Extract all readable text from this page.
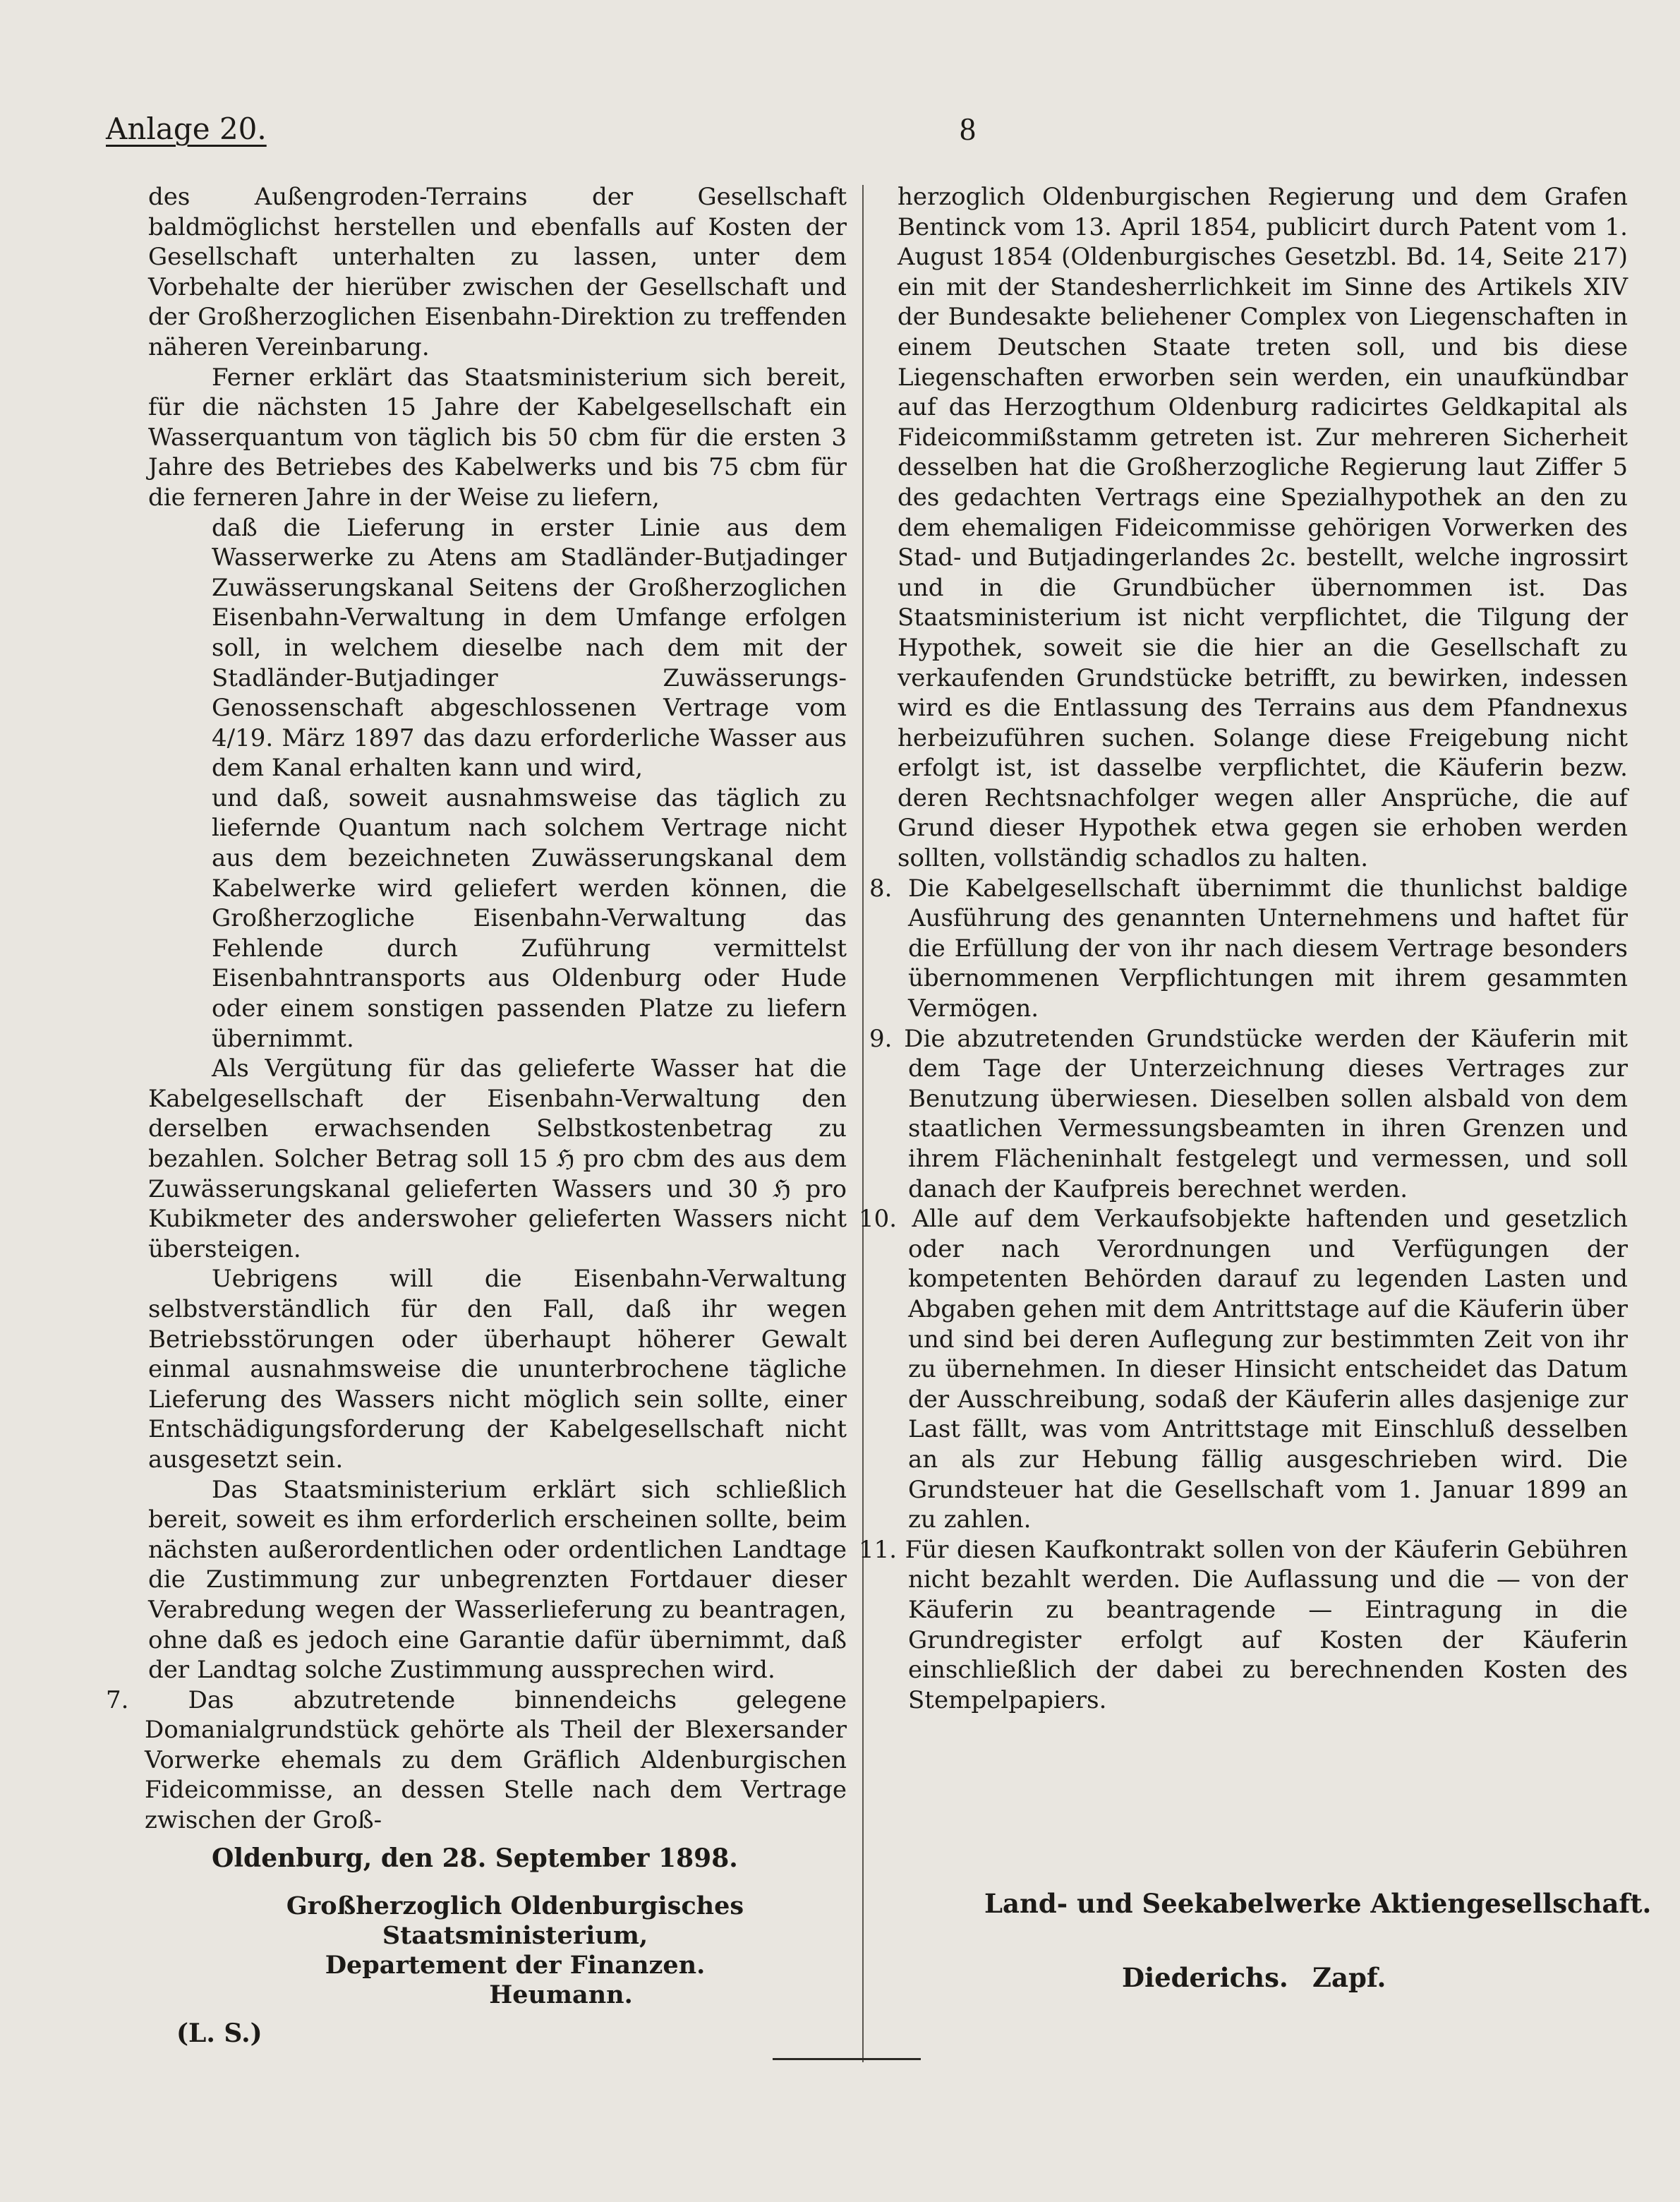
Anlage 20.	8

des Außengroden-Terrains der Gesellschaft baldmöglichst herstellen und ebenfalls auf Kosten der Gesellschaft unterhalten zu lassen, unter dem Vorbehalte der hierüber zwischen der Gesellschaft und der Großherzoglichen Eisenbahn-Direktion zu treffenden näheren Vereinbarung.

Ferner erklärt das Staatsministerium sich bereit, für die nächsten 15 Jahre der Kabelgesellschaft ein Wasserquantum von täglich bis 50 cbm für die ersten 3 Jahre des Betriebes des Kabelwerks und bis 75 cbm für die ferneren Jahre in der Weise zu liefern,

daß die Lieferung in erster Linie aus dem Wasserwerke zu Atens am Stadländer-Butjadinger Zuwässerungskanal Seitens der Großherzoglichen Eisenbahn-Verwaltung in dem Umfange erfolgen soll, in welchem dieselbe nach dem mit der Stadländer-Butjadinger Zuwässerungs-Genossenschaft abgeschlossenen Vertrage vom 4/19. März 1897 das dazu erforderliche Wasser aus dem Kanal erhalten kann und wird,

und daß, soweit ausnahmsweise das täglich zu liefernde Quantum nach solchem Vertrage nicht aus dem bezeichneten Zuwässerungskanal dem Kabelwerke wird geliefert werden können, die Großherzogliche Eisenbahn-Verwaltung das Fehlende durch Zuführung vermittelst Eisenbahntransports aus Oldenburg oder Hude oder einem sonstigen passenden Platze zu liefern übernimmt.

Als Vergütung für das gelieferte Wasser hat die Kabelgesellschaft der Eisenbahn-Verwaltung den derselben erwachsenden Selbstkostenbetrag zu bezahlen. Solcher Betrag soll 15 ℌ pro cbm des aus dem Zuwässerungskanal gelieferten Wassers und 30 ℌ pro Kubikmeter des anderswoher gelieferten Wassers nicht übersteigen.

Uebrigens will die Eisenbahn-Verwaltung selbstverständlich für den Fall, daß ihr wegen Betriebsstörungen oder überhaupt höherer Gewalt einmal ausnahmsweise die ununterbrochene tägliche Lieferung des Wassers nicht möglich sein sollte, einer Entschädigungsforderung der Kabelgesellschaft nicht ausgesetzt sein.

Das Staatsministerium erklärt sich schließlich bereit, soweit es ihm erforderlich erscheinen sollte, beim nächsten außerordentlichen oder ordentlichen Landtage die Zustimmung zur unbegrenzten Fortdauer dieser Verabredung wegen der Wasserlieferung zu beantragen, ohne daß es jedoch eine Garantie dafür übernimmt, daß der Landtag solche Zustimmung aussprechen wird.

7. Das abzutretende binnendeichs gelegene Domanialgrundstück gehörte als Theil der Blexersander Vorwerke ehemals zu dem Gräflich Aldenburgischen Fideicommisse, an dessen Stelle nach dem Vertrage zwischen der Groß-

herzoglich Oldenburgischen Regierung und dem Grafen Bentinck vom 13. April 1854, publicirt durch Patent vom 1. August 1854 (Oldenburgisches Gesetzbl. Bd. 14, Seite 217) ein mit der Standesherrlichkeit im Sinne des Artikels XIV der Bundesakte beliehener Complex von Liegenschaften in einem Deutschen Staate treten soll, und bis diese Liegenschaften erworben sein werden, ein unaufkündbar auf das Herzogthum Oldenburg radicirtes Geldkapital als Fideicommißstamm getreten ist. Zur mehreren Sicherheit desselben hat die Großherzogliche Regierung laut Ziffer 5 des gedachten Vertrags eine Spezialhypothek an den zu dem ehemaligen Fideicommisse gehörigen Vorwerken des Stad- und Butjadingerlandes 2c. bestellt, welche ingrossirt und in die Grundbücher übernommen ist. Das Staatsministerium ist nicht verpflichtet, die Tilgung der Hypothek, soweit sie die hier an die Gesellschaft zu verkaufenden Grundstücke betrifft, zu bewirken, indessen wird es die Entlassung des Terrains aus dem Pfandnexus herbeizuführen suchen. Solange diese Freigebung nicht erfolgt ist, ist dasselbe verpflichtet, die Käuferin bezw. deren Rechtsnachfolger wegen aller Ansprüche, die auf Grund dieser Hypothek etwa gegen sie erhoben werden sollten, vollständig schadlos zu halten.

8. Die Kabelgesellschaft übernimmt die thunlichst baldige Ausführung des genannten Unternehmens und haftet für die Erfüllung der von ihr nach diesem Vertrage besonders übernommenen Verpflichtungen mit ihrem gesammten Vermögen.

9. Die abzutretenden Grundstücke werden der Käuferin mit dem Tage der Unterzeichnung dieses Vertrages zur Benutzung überwiesen. Dieselben sollen alsbald von dem staatlichen Vermessungsbeamten in ihren Grenzen und ihrem Flächeninhalt festgelegt und vermessen, und soll danach der Kaufpreis berechnet werden.

10. Alle auf dem Verkaufsobjekte haftenden und gesetzlich oder nach Verordnungen und Verfügungen der kompetenten Behörden darauf zu legenden Lasten und Abgaben gehen mit dem Antrittstage auf die Käuferin über und sind bei deren Auflegung zur bestimmten Zeit von ihr zu übernehmen. In dieser Hinsicht entscheidet das Datum der Ausschreibung, sodaß der Käuferin alles dasjenige zur Last fällt, was vom Antrittstage mit Einschluß desselben an als zur Hebung fällig ausgeschrieben wird. Die Grundsteuer hat die Gesellschaft vom 1. Januar 1899 an zu zahlen.

11. Für diesen Kaufkontrakt sollen von der Käuferin Gebühren nicht bezahlt werden. Die Auflassung und die — von der Käuferin zu beantragende — Eintragung in die Grundregister erfolgt auf Kosten der Käuferin einschließlich der dabei zu berechnenden Kosten des Stempelpapiers.

Oldenburg, den 28. September 1898.
Großherzoglich Oldenburgisches
Staatsministerium,
Departement der Finanzen.
Heumann.
(L. S.)
Land- und Seekabelwerke Aktiengesellschaft.
Diederichs. Zapf.
